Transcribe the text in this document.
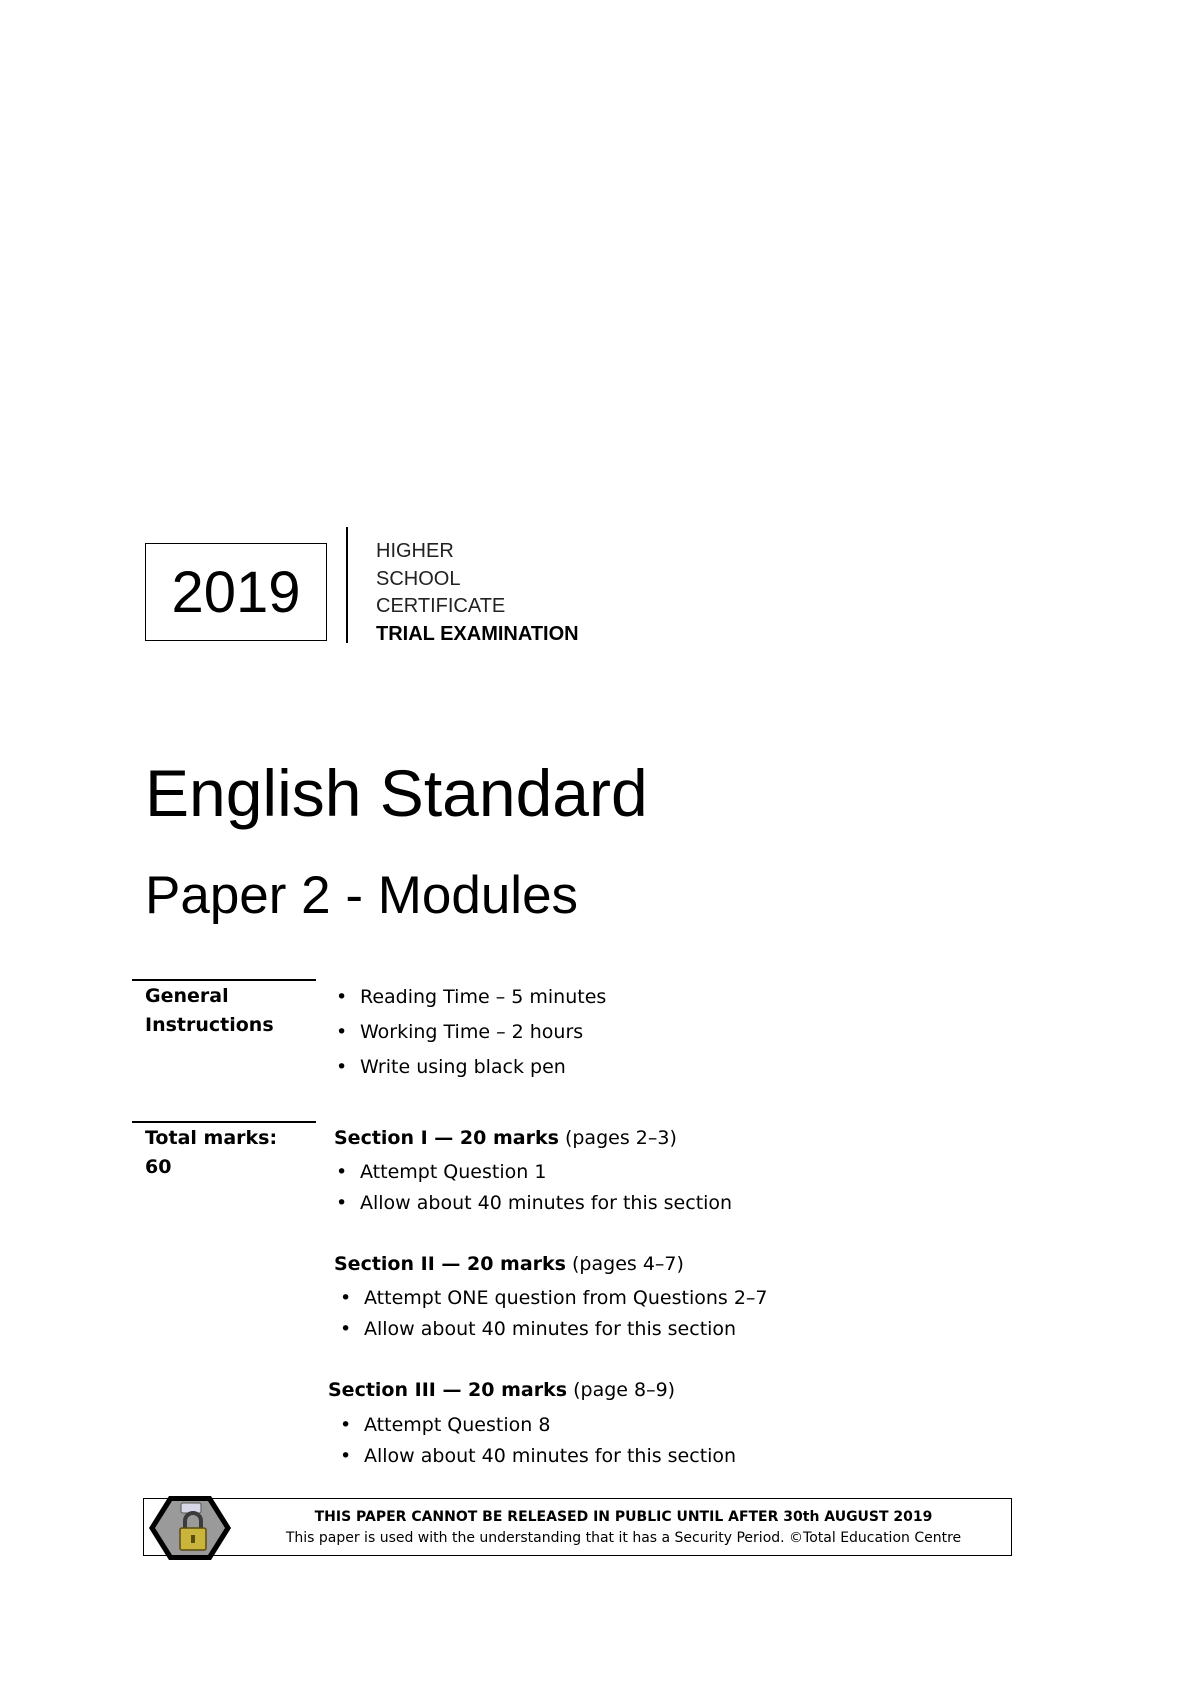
2019
HIGHER
SCHOOL
CERTIFICATE
TRIAL EXAMINATION
English Standard
Paper 2 - Modules
General
Instructions
• Reading Time – 5 minutes
• Working Time – 2 hours
• Write using black pen
Total marks:
60
Section I — 20 marks (pages 2–3)
• Attempt Question 1
• Allow about 40 minutes for this section
Section II — 20 marks (pages 4–7)
• Attempt ONE question from Questions 2–7
• Allow about 40 minutes for this section
Section III — 20 marks (page 8–9)
• Attempt Question 8
• Allow about 40 minutes for this section
THIS PAPER CANNOT BE RELEASED IN PUBLIC UNTIL AFTER 30th AUGUST 2019
This paper is used with the understanding that it has a Security Period. ©Total Education Centre
